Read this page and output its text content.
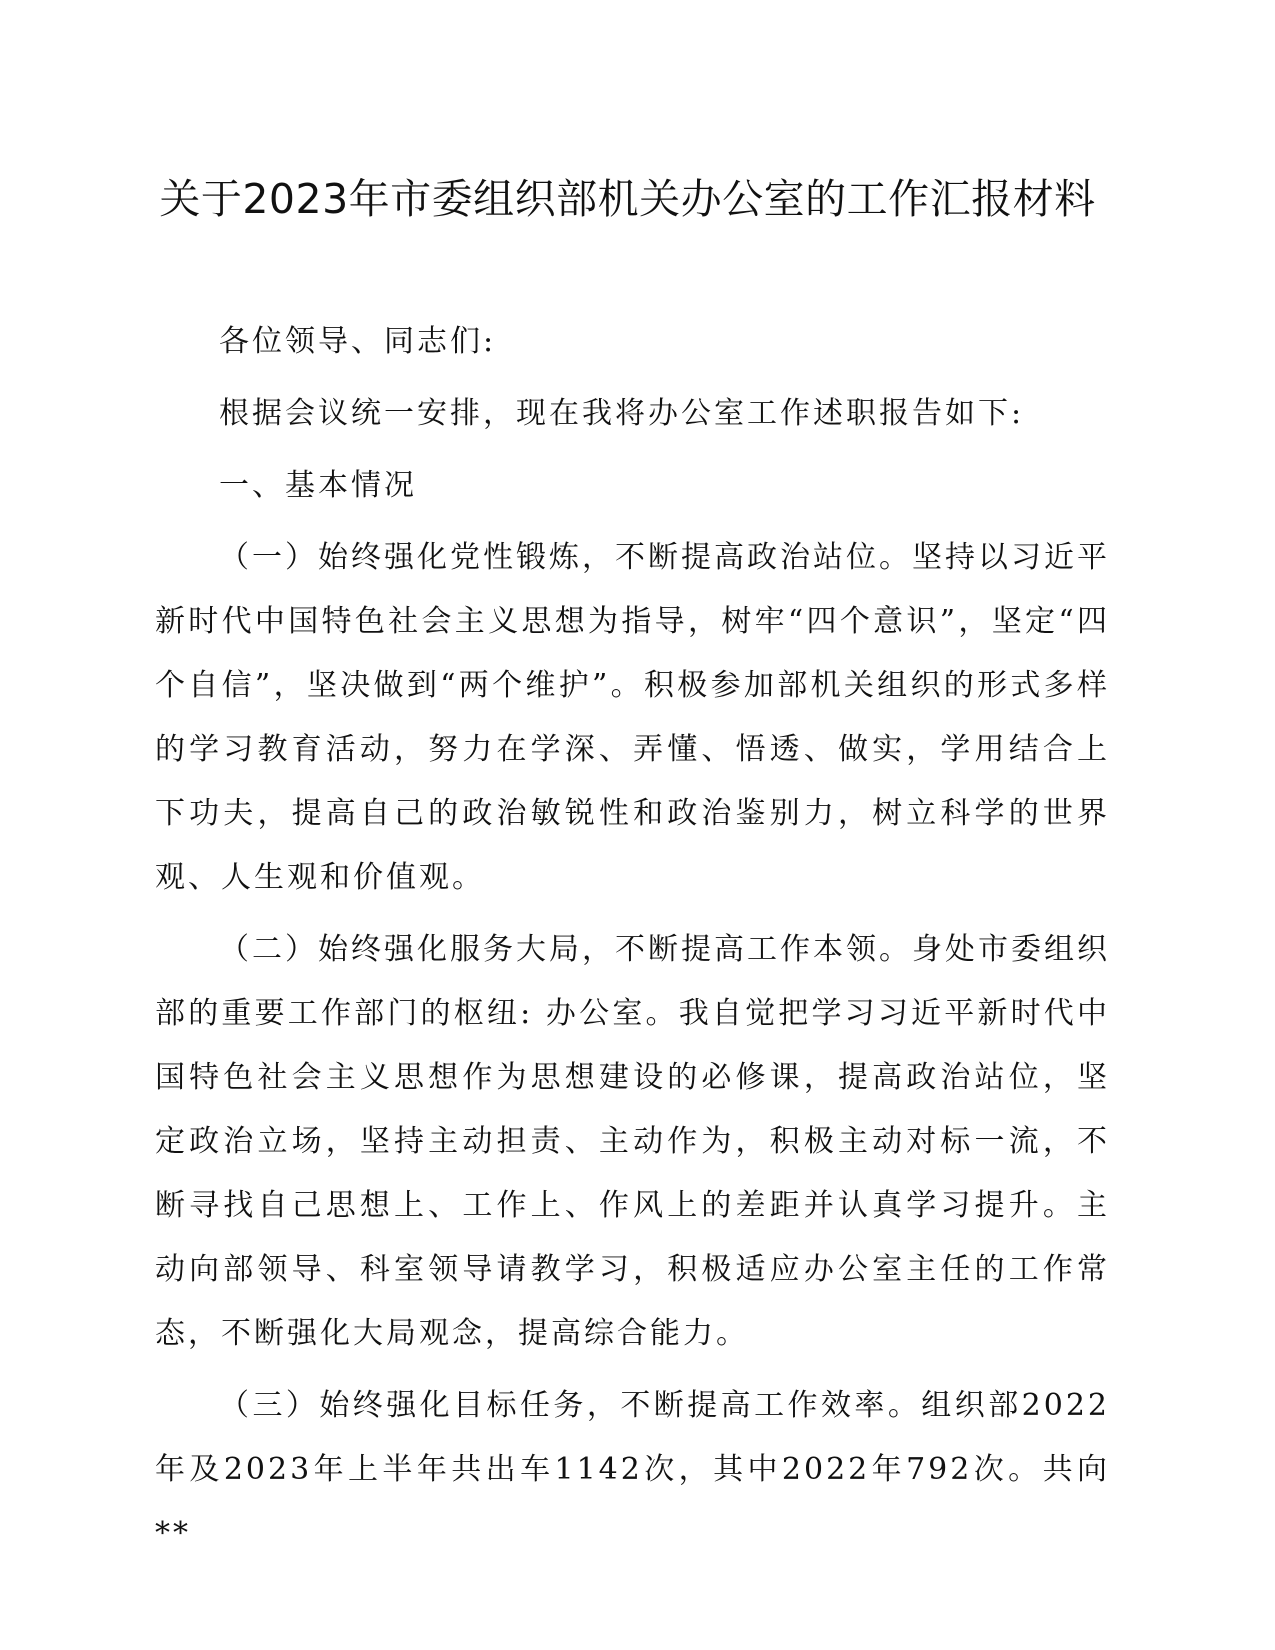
关于2023年市委组织部机关办公室的工作汇报材料

各位领导、同志们:

根据会议统一安排，现在我将办公室工作述职报告如下:

一、基本情况

（一）始终强化党性锻炼，不断提高政治站位。坚持以习近平新时代中国特色社会主义思想为指导，树牢“四个意识”，坚定“四个自信”，坚决做到“两个维护”。积极参加部机关组织的形式多样的学习教育活动，努力在学深、弄懂、悟透、做实，学用结合上下功夫，提高自己的政治敏锐性和政治鉴别力，树立科学的世界观、人生观和价值观。

（二）始终强化服务大局，不断提高工作本领。身处市委组织部的重要工作部门的枢纽: 办公室。我自觉把学习习近平新时代中国特色社会主义思想作为思想建设的必修课，提高政治站位，坚定政治立场，坚持主动担责、主动作为，积极主动对标一流，不断寻找自己思想上、工作上、作风上的差距并认真学习提升。主动向部领导、科室领导请教学习，积极适应办公室主任的工作常态，不断强化大局观念，提高综合能力。

（三）始终强化目标任务，不断提高工作效率。组织部2022年及2023年上半年共出车1142次，其中2022年792次。共向**
